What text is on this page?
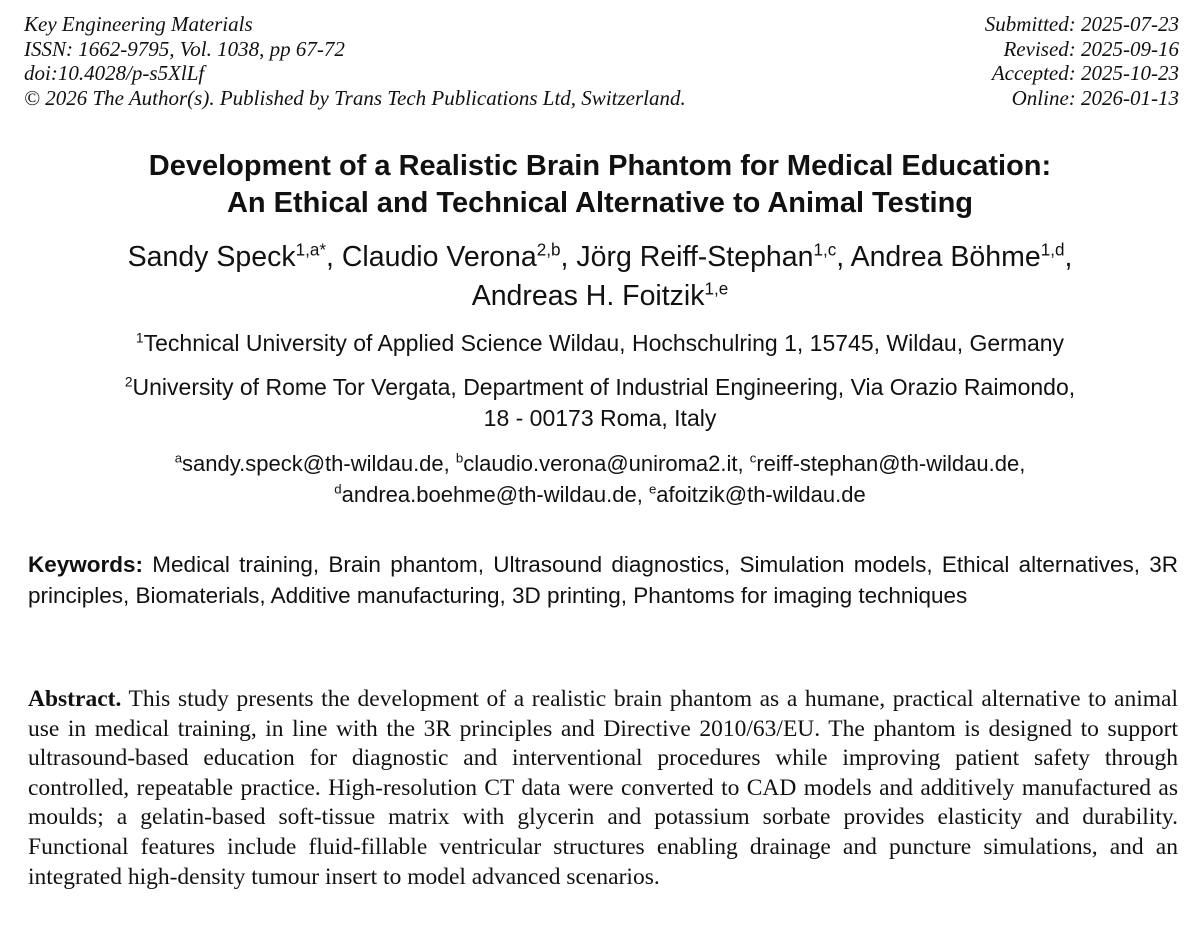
Key Engineering Materials
ISSN: 1662-9795, Vol. 1038, pp 67-72
doi:10.4028/p-s5XlLf
© 2026 The Author(s). Published by Trans Tech Publications Ltd, Switzerland.
Submitted: 2025-07-23
Revised: 2025-09-16
Accepted: 2025-10-23
Online: 2026-01-13
Development of a Realistic Brain Phantom for Medical Education:
An Ethical and Technical Alternative to Animal Testing
Sandy Speck$^{1,a*}$, Claudio Verona$^{2,b}$, Jörg Reiff-Stephan$^{1,c}$, Andrea Böhme$^{1,d}$,
Andreas H. Foitzik$^{1,e}$
$^1$Technical University of Applied Science Wildau, Hochschulring 1, 15745, Wildau, Germany
$^2$University of Rome Tor Vergata, Department of Industrial Engineering, Via Orazio Raimondo,
18 - 00173 Roma, Italy
$^a$sandy.speck@th-wildau.de, $^b$claudio.verona@uniroma2.it, $^c$reiff-stephan@th-wildau.de,
$^d$andrea.boehme@th-wildau.de, $^e$afoitzik@th-wildau.de
Keywords: Medical training, Brain phantom, Ultrasound diagnostics, Simulation models, Ethical alternatives, 3R principles, Biomaterials, Additive manufacturing, 3D printing, Phantoms for imaging techniques
Abstract. This study presents the development of a realistic brain phantom as a humane, practical alternative to animal use in medical training, in line with the 3R principles and Directive 2010/63/EU. The phantom is designed to support ultrasound-based education for diagnostic and interventional procedures while improving patient safety through controlled, repeatable practice. High-resolution CT data were converted to CAD models and additively manufactured as moulds; a gelatin-based soft-tissue matrix with glycerin and potassium sorbate provides elasticity and durability. Functional features include fluid-fillable ventricular structures enabling drainage and puncture simulations, and an integrated high-density tumour insert to model advanced scenarios.
